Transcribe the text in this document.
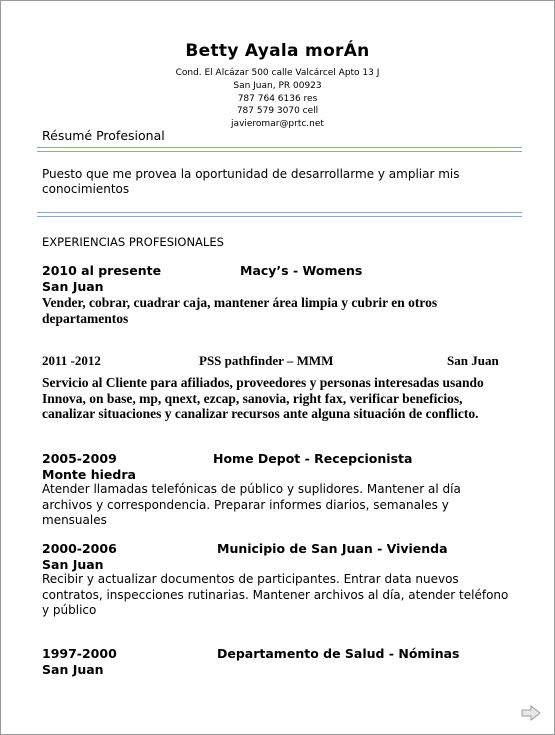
Betty Ayala morÁn
Cond. El Alcázar 500 calle Valcárcel Apto 13 J
San Juan, PR 00923
787 764 6136 res
787 579 3070 cell
javieromar@prtc.net
Résumé Profesional
Puesto que me provea la oportunidad de desarrollarme y ampliar mis conocimientos
EXPERIENCIAS PROFESIONALES
2010 al presente	Macy’s - Womens
San Juan
Vender, cobrar, cuadrar caja, mantener área limpia y cubrir en otros departamentos
2011 -2012	PSS pathfinder – MMM	San Juan
Servicio al Cliente para afiliados, proveedores y personas interesadas usando Innova, on base, mp, qnext, ezcap, sanovia, right fax, verificar beneficios, canalizar situaciones y canalizar recursos ante alguna situación de conflicto.
2005-2009	Home Depot - Recepcionista
Monte hiedra
Atender llamadas telefónicas de público y suplidores. Mantener al día archivos y correspondencia. Preparar informes diarios, semanales y mensuales
2000-2006	Municipio de San Juan - Vivienda
San Juan
Recibir y actualizar documentos de participantes. Entrar data nuevos contratos, inspecciones rutinarias. Mantener archivos al día, atender teléfono y público
1997-2000	Departamento de Salud - Nóminas
San Juan
